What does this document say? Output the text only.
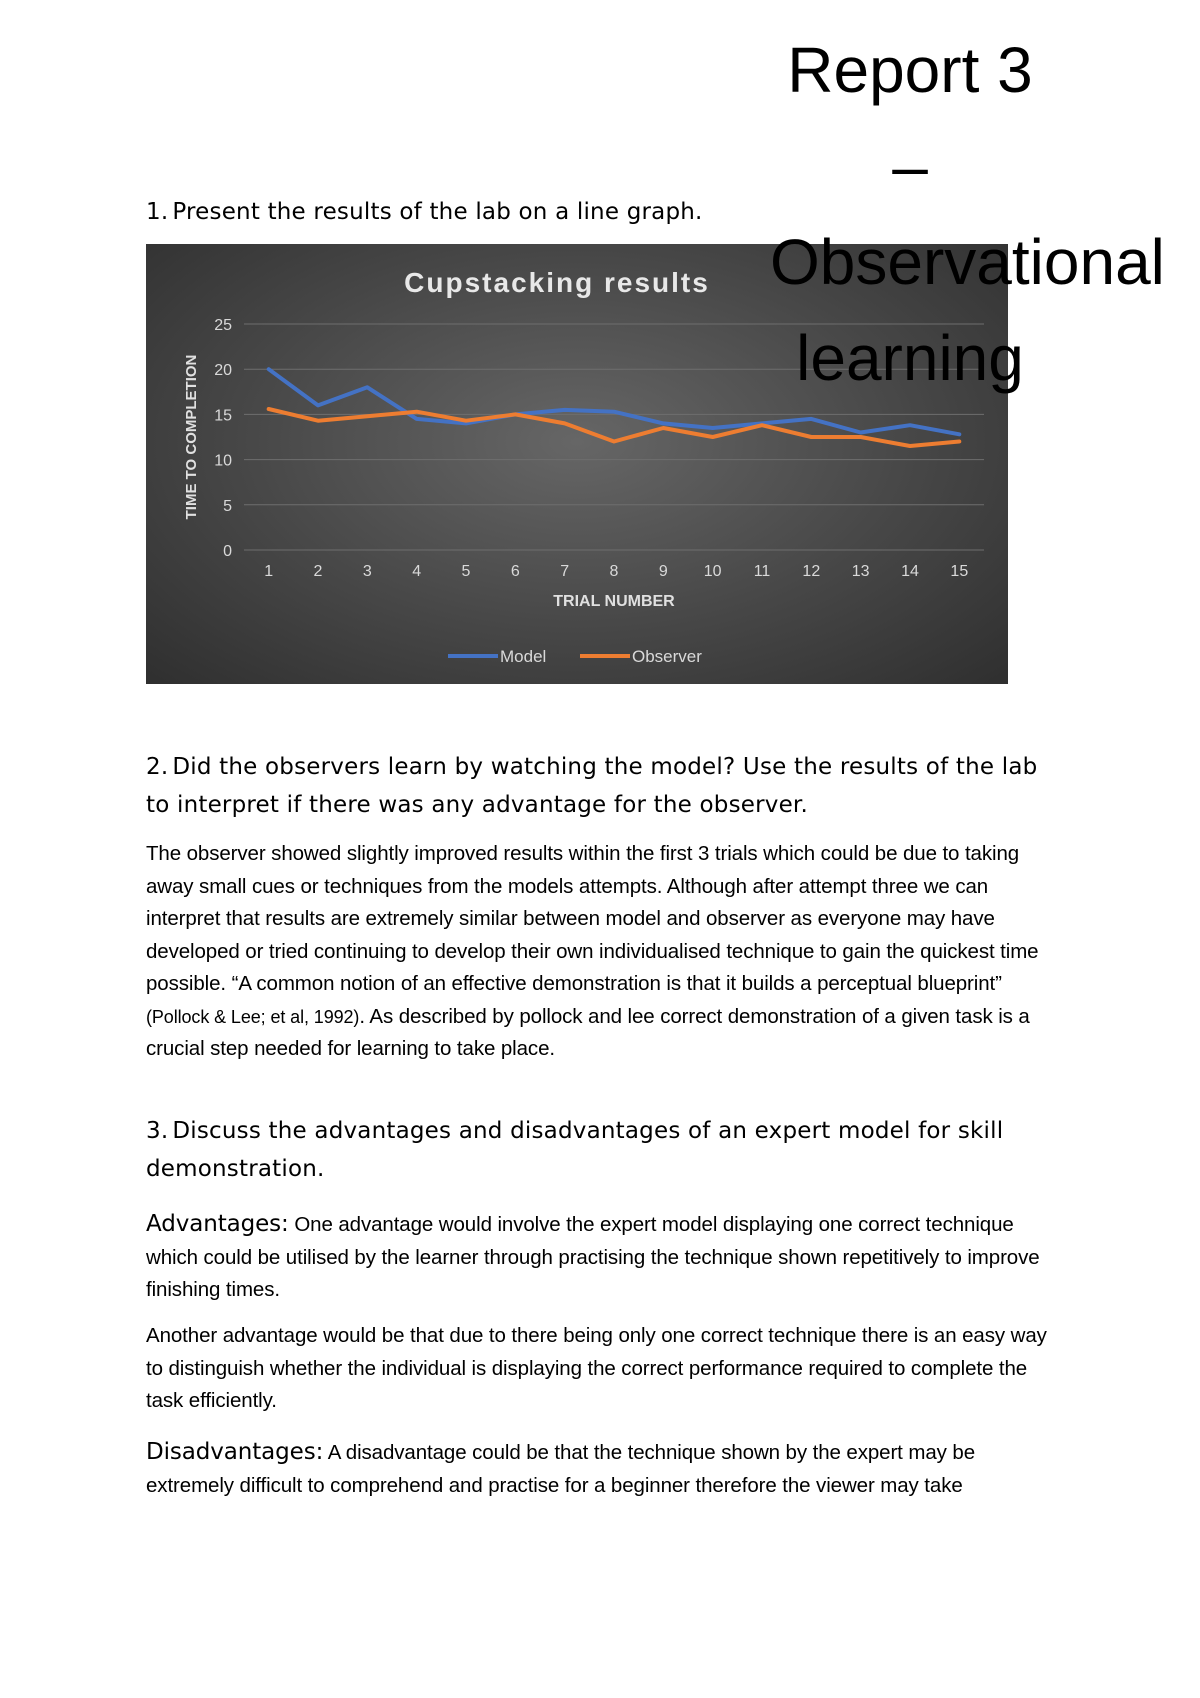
Report 3 – Observational learning
1. Present the results of the lab on a line graph.
Cupstacking results
0
5
10
15
20
25
TIME TO COMPLETION
1	2	3	4	5	6	7	8	9 10 11 12 13 14 15
TRIAL NUMBER
Model	Observer
2. Did the observers learn by watching the model? Use the results of the lab to interpret if there was any advantage for the observer.
The observer showed slightly improved results within the first 3 trials which could be due to taking away small cues or techniques from the models attempts. Although after attempt three we can interpret that results are extremely similar between model and observer as everyone may have developed or tried continuing to develop their own individualised technique to gain the quickest time possible. “A common notion of an effective demonstration is that it builds a perceptual blueprint” (Pollock & Lee; et al, 1992). As described by pollock and lee correct demonstration of a given task is a crucial step needed for learning to take place.
3. Discuss the advantages and disadvantages of an expert model for skill demonstration.
Advantages: One advantage would involve the expert model displaying one correct technique which could be utilised by the learner through practising the technique shown repetitively to improve finishing times.
Another advantage would be that due to there being only one correct technique there is an easy way to distinguish whether the individual is displaying the correct performance required to complete the task efficiently.
Disadvantages: A disadvantage could be that the technique shown by the expert may be extremely difficult to comprehend and practise for a beginner therefore the viewer may take
